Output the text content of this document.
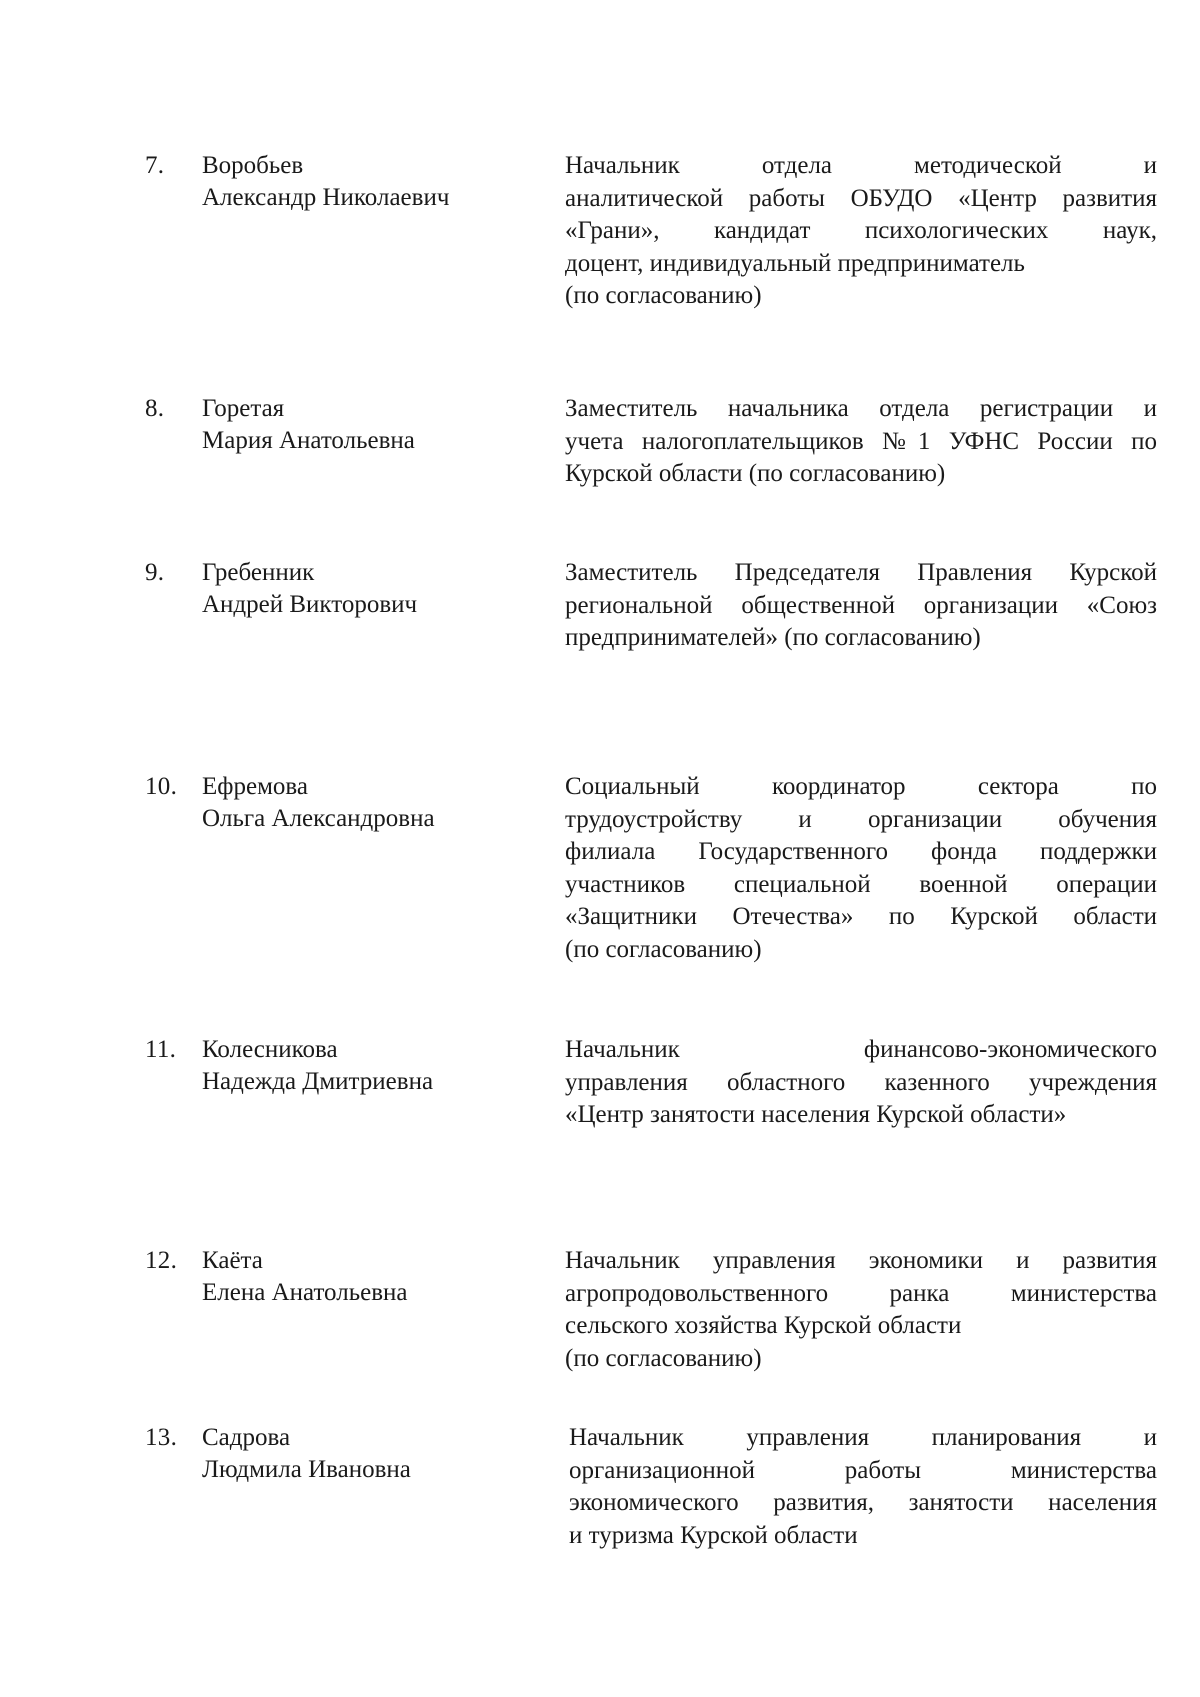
7. Воробьев
Александр Николаевич
Начальник отдела методической и
аналитической работы ОБУДО «Центр развития
«Грани», кандидат психологических наук,
доцент, индивидуальный предприниматель
(по согласованию)
8. Горетая
Мария Анатольевна
Заместитель начальника отдела регистрации и
учета налогоплательщиков №1 УФНС России по
Курской области (по согласованию)
9. Гребенник
Андрей Викторович
Заместитель Председателя Правления Курской
региональной общественной организации «Союз
предпринимателей» (по согласованию)
10. Ефремова
Ольга Александровна
Социальный координатор сектора по
трудоустройству и организации обучения
филиала Государственного фонда поддержки
участников специальной военной операции
«Защитники Отечества» по Курской области
(по согласованию)
11. Колесникова
Надежда Дмитриевна
Начальник финансово-экономического
управления областного казенного учреждения
«Центр занятости населения Курской области»
12. Каёта
Елена Анатольевна
Начальник управления экономики и развития
агропродовольственного ранка министерства
сельского хозяйства Курской области
(по согласованию)
13. Садрова
Людмила Ивановна
Начальник управления планирования и
организационной работы министерства
экономического развития, занятости населения
и туризма Курской области
